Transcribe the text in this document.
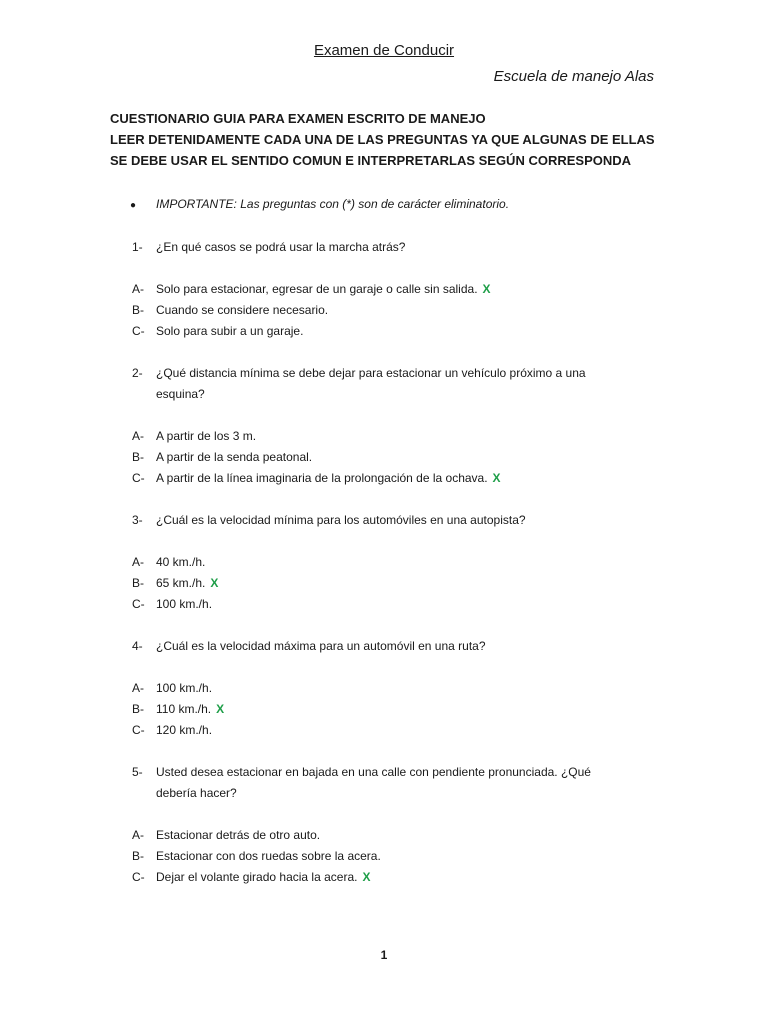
Examen de Conducir
Escuela de manejo Alas
CUESTIONARIO GUIA PARA EXAMEN ESCRITO DE MANEJO
LEER DETENIDAMENTE CADA UNA DE LAS PREGUNTAS YA QUE ALGUNAS DE ELLAS
SE DEBE USAR EL SENTIDO COMUN E INTERPRETARLAS SEGÚN CORRESPONDA
● IMPORTANTE: Las preguntas con (*) son de carácter eliminatorio.
1-	¿En qué casos se podrá usar la marcha atrás?
A-	Solo para estacionar, egresar de un garaje o calle sin salida. X
B-	Cuando se considere necesario.
C- Solo para subir a un garaje.
2-	¿Qué distancia mínima se debe dejar para estacionar un vehículo próximo a una
esquina?
A-	A partir de los 3 m.
B-	A partir de la senda peatonal.
C- A partir de la línea imaginaria de la prolongación de la ochava. X
3-	¿Cuál es la velocidad mínima para los automóviles en una autopista?
A-	40 km./h.
B-	65 km./h. X
C- 100 km./h.
4-	¿Cuál es la velocidad máxima para un automóvil en una ruta?
A-	100 km./h.
B-	110 km./h. X
C- 120 km./h.
5-	Usted desea estacionar en bajada en una calle con pendiente pronunciada. ¿Qué
debería hacer?
A-	Estacionar detrás de otro auto.
B-	Estacionar con dos ruedas sobre la acera.
C- Dejar el volante girado hacia la acera. X
1
